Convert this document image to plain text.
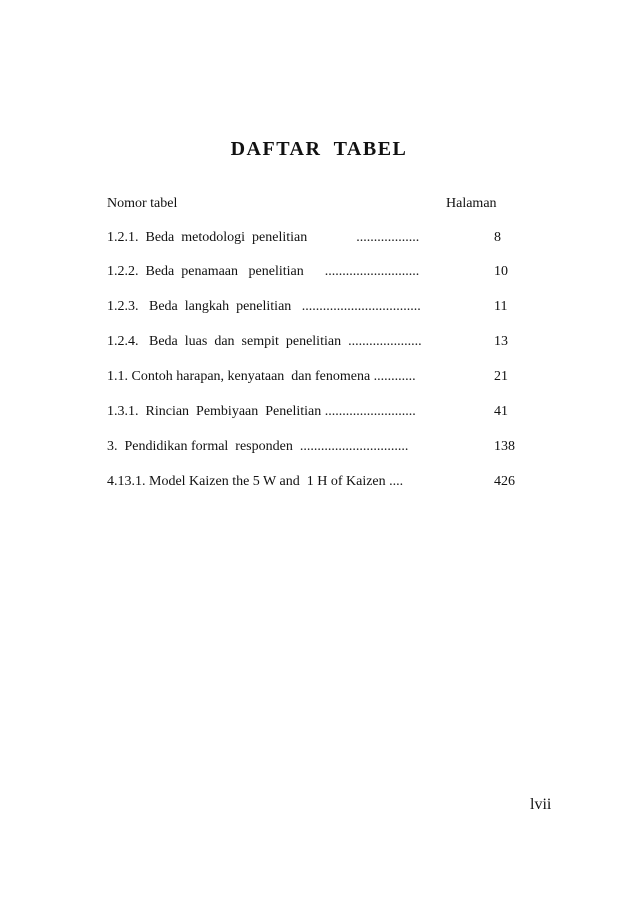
DAFTAR TABEL
Nomor tabel	Halaman
1.2.1.  Beda  metodologi  penelitian              ..................	8
1.2.2.  Beda  penamaan   penelitian      ...........................	10
1.2.3.   Beda  langkah  penelitian   ..................................	11
1.2.4.   Beda  luas  dan  sempit  penelitian  .....................	13
1.1. Contoh harapan, kenyataan  dan fenomena ............	21
1.3.1.  Rincian  Pembiyaan  Penelitian ..........................	41
3.  Pendidikan formal  responden  ...............................	138
4.13.1. Model Kaizen the 5 W and  1 H of Kaizen ....	426
lvii
